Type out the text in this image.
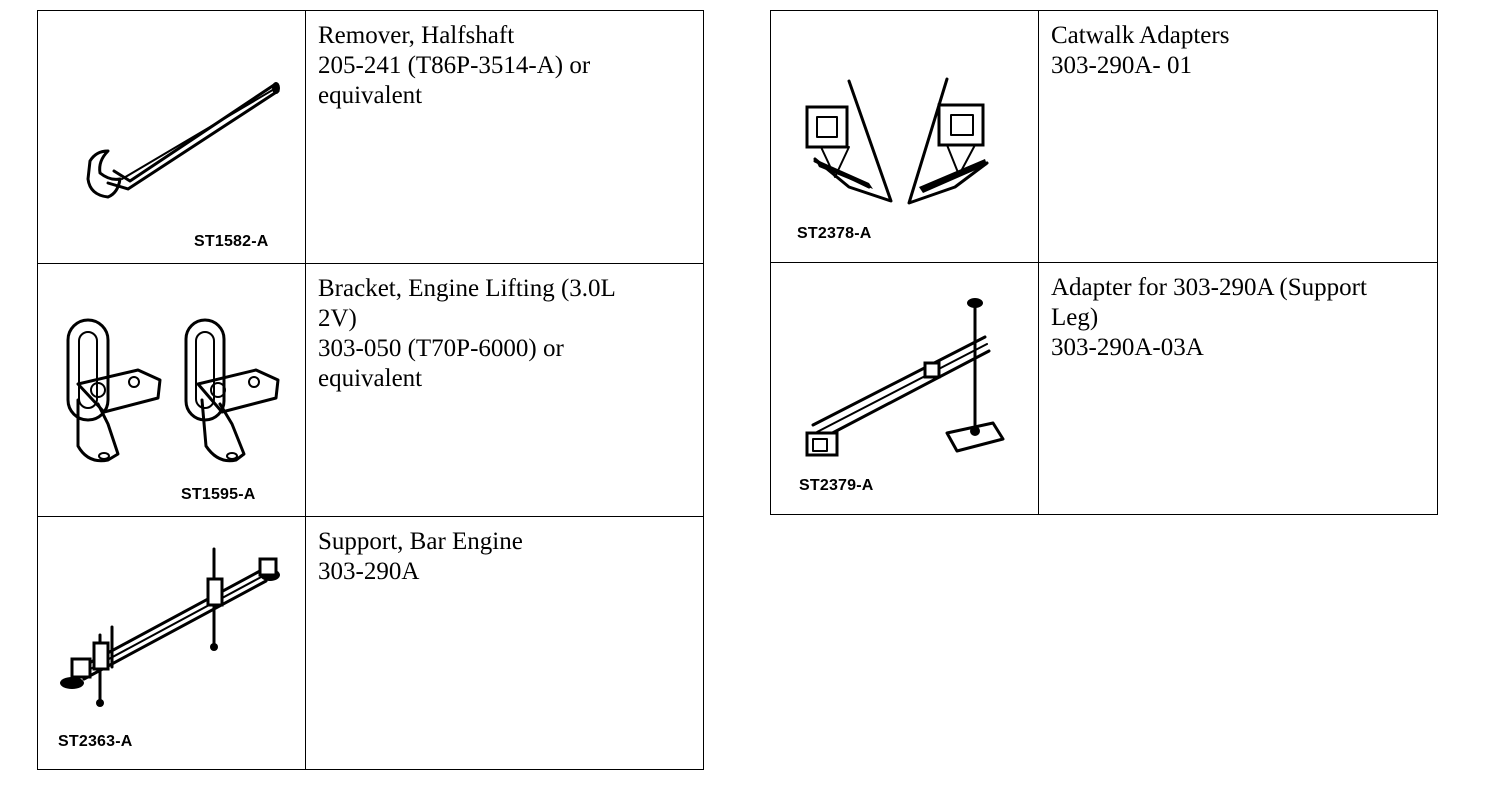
ST1582-A	Remover, Halfshaft
205-241 (T86P-3514-A) or
equivalent

ST1595-A	Bracket, Engine Lifting (3.0L
2V)
303-050 (T70P-6000) or
equivalent

ST2363-A	Support, Bar Engine
303-290A
ST2378-A	Catwalk Adapters
303-290A- 01

ST2379-A	Adapter for 303-290A (Support
Leg)
303-290A-03A
